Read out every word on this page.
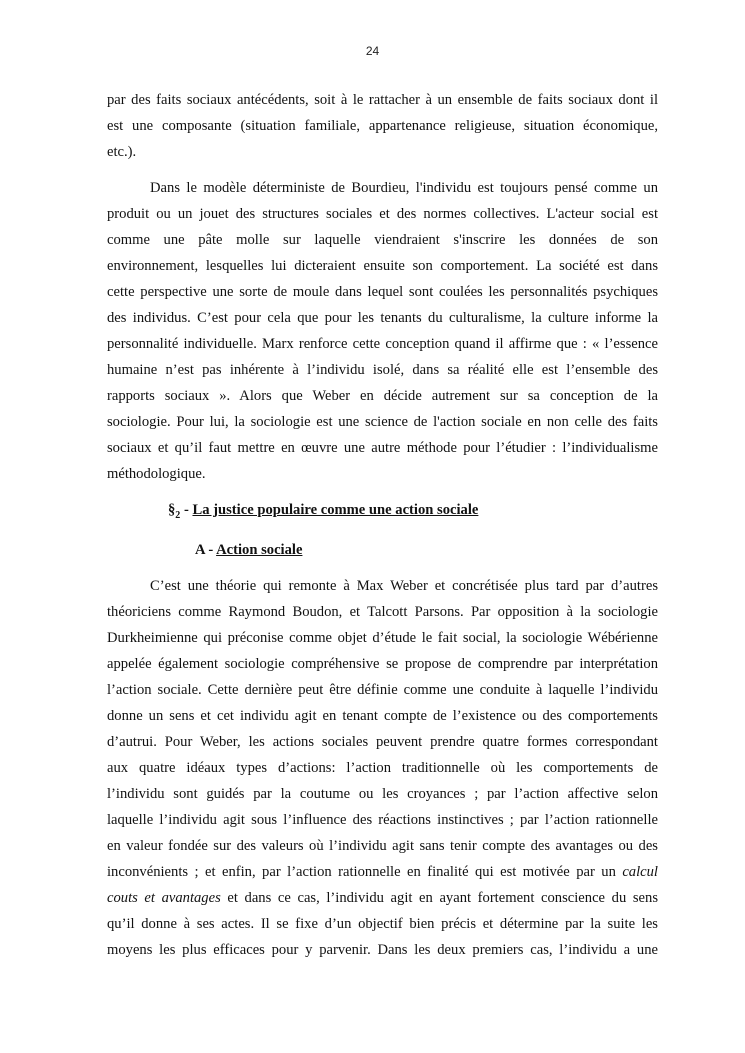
24
par des faits sociaux antécédents, soit à le rattacher à un ensemble de faits sociaux dont il
est une composante (situation familiale, appartenance religieuse, situation économique,
etc.).
Dans le modèle déterministe de Bourdieu, l'individu est toujours pensé comme un
produit ou un jouet des structures sociales et des normes collectives. L'acteur social est
comme une pâte molle sur laquelle viendraient s'inscrire les données de son
environnement, lesquelles lui dicteraient ensuite son comportement. La société est dans
cette perspective une sorte de moule dans lequel sont coulées les personnalités psychiques
des individus. C’est pour cela que pour les tenants du culturalisme, la culture informe la
personnalité individuelle. Marx renforce cette conception quand il affirme que : « l’essence
humaine n’est pas inhérente à l’individu isolé, dans sa réalité elle est l’ensemble des
rapports sociaux ». Alors que Weber en décide autrement sur sa conception de la
sociologie. Pour lui, la sociologie est une science de l'action sociale en non celle des faits
sociaux et qu’il faut mettre en œuvre une autre méthode pour l’étudier : l’individualisme
méthodologique.
$\S_2$ - La justice populaire comme une action sociale
A - Action sociale
C’est une théorie qui remonte à Max Weber et concrétisée plus tard par d’autres
théoriciens comme Raymond Boudon, et Talcott Parsons. Par opposition à la sociologie
Durkheimienne qui préconise comme objet d’étude le fait social, la sociologie Wébérienne
appelée également sociologie compréhensive se propose de comprendre par interprétation
l’action sociale. Cette dernière peut être définie comme une conduite à laquelle l’individu
donne un sens et cet individu agit en tenant compte de l’existence ou des comportements
d’autrui. Pour Weber, les actions sociales peuvent prendre quatre formes correspondant
aux quatre idéaux types d’actions: l’action traditionnelle où les comportements de
l’individu sont guidés par la coutume ou les croyances ; par l’action affective selon
laquelle l’individu agit sous l’influence des réactions instinctives ; par l’action rationnelle
en valeur fondée sur des valeurs où l’individu agit sans tenir compte des avantages ou des
inconvénients ; et enfin, par l’action rationnelle en finalité qui est motivée par un calcul
couts et avantages et dans ce cas, l’individu agit en ayant fortement conscience du sens
qu’il donne à ses actes. Il se fixe d’un objectif bien précis et détermine par la suite les
moyens les plus efficaces pour y parvenir. Dans les deux premiers cas, l’individu a une
